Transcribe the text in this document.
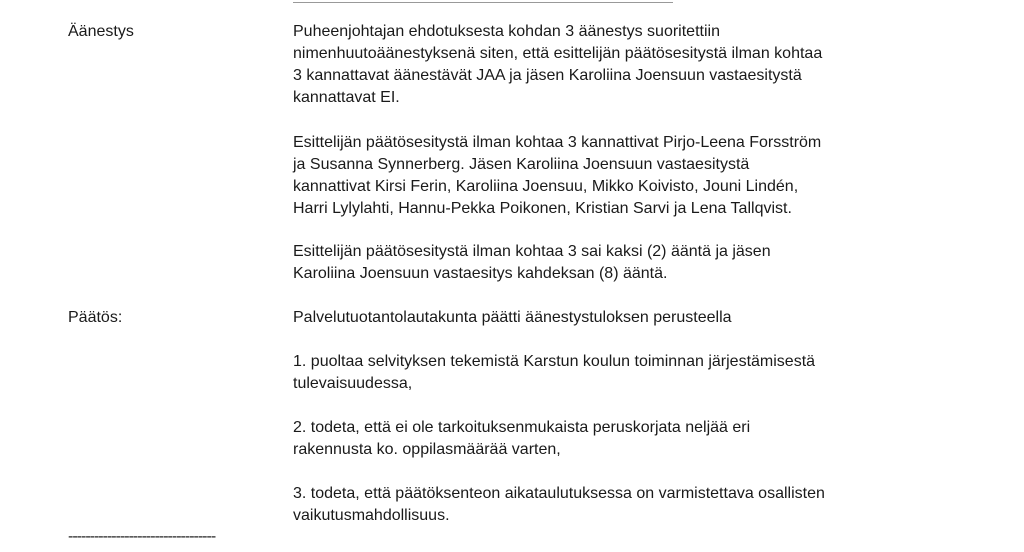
Äänestys	Puheenjohtajan ehdotuksesta kohdan 3 äänestys suoritettiin
nimenhuutoäänestyksenä siten, että esittelijän päätösesitystä ilman kohtaa
3 kannattavat äänestävät JAA ja jäsen Karoliina Joensuun vastaesitystä
kannattavat EI.
Esittelijän päätösesitystä ilman kohtaa 3 kannattivat Pirjo-Leena Forsström
ja Susanna Synnerberg. Jäsen Karoliina Joensuun vastaesitystä
kannattivat Kirsi Ferin, Karoliina Joensuu, Mikko Koivisto, Jouni Lindén,
Harri Lylylahti, Hannu-Pekka Poikonen, Kristian Sarvi ja Lena Tallqvist.
Esittelijän päätösesitystä ilman kohtaa 3 sai kaksi (2) ääntä ja jäsen
Karoliina Joensuun vastaesitys kahdeksan (8) ääntä.
Päätös:	Palvelutuotantolautakunta päätti äänestystuloksen perusteella
1. puoltaa selvityksen tekemistä Karstun koulun toiminnan järjestämisestä
tulevaisuudessa,
2. todeta, että ei ole tarkoituksenmukaista peruskorjata neljää eri
rakennusta ko. oppilasmäärää varten,
3. todeta, että päätöksenteon aikataulutuksessa on varmistettava osallisten
vaikutusmahdollisuus.
----------------------------------
